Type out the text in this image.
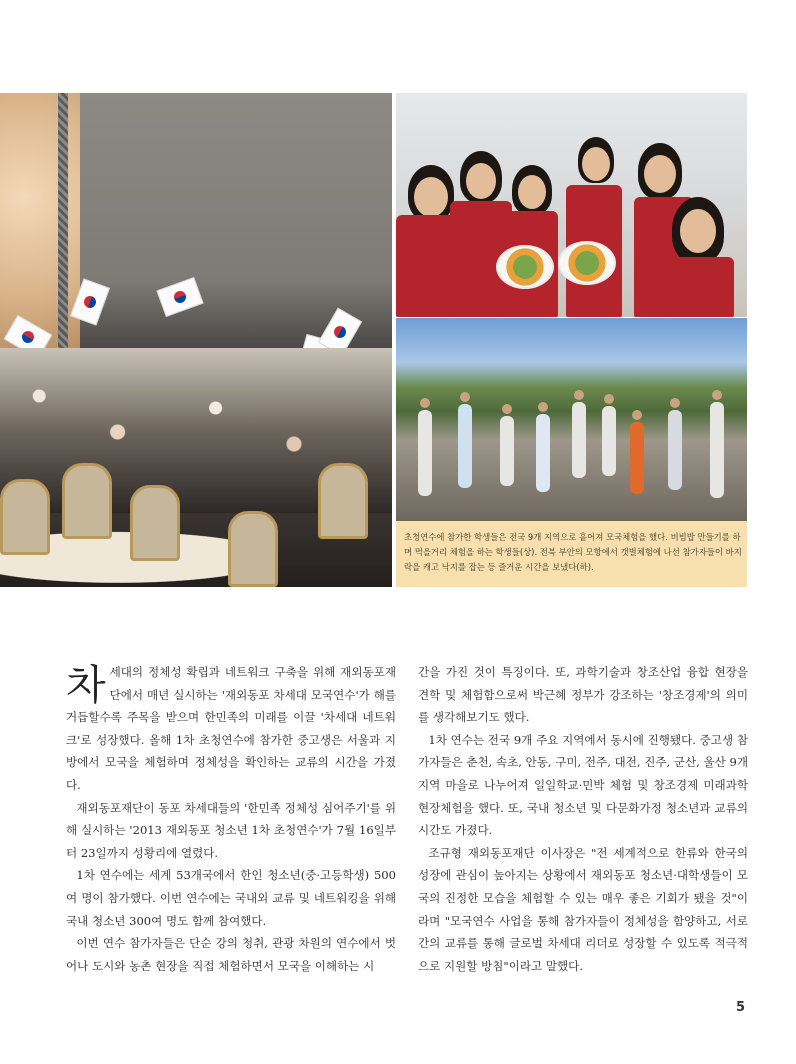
초청연수에 참가한 학생들은 전국 9개 지역으로 흩어져 모국체험을 했다. 비빔밥 만들기를 하며 먹을거리 체험을 하는 학생들(상). 전북 부안의 모항에서 갯벌체험에 나선 참가자들이 바지락을 캐고 낙지를 잡는 등 즐거운 시간을 보냈다(하).

차세대의 정체성 확립과 네트워크 구축을 위해 재외동포재단에서 매년 실시하는 '재외동포 차세대 모국연수'가 해를 거듭할수록 주목을 받으며 한민족의 미래를 이끌 '차세대 네트워크'로 성장했다. 올해 1차 초청연수에 참가한 중고생은 서울과 지방에서 모국을 체험하며 정체성을 확인하는 교류의 시간을 가졌다.

재외동포재단이 동포 차세대들의 '한민족 정체성 심어주기'를 위해 실시하는 '2013 재외동포 청소년 1차 초청연수'가 7월 16일부터 23일까지 성황리에 열렸다.

1차 연수에는 세계 53개국에서 한인 청소년(중·고등학생) 500여 명이 참가했다. 이번 연수에는 국내외 교류 및 네트워킹을 위해 국내 청소년 300여 명도 함께 참여했다.

이번 연수 참가자들은 단순 강의 청취, 관광 차원의 연수에서 벗어나 도시와 농촌 현장을 직접 체험하면서 모국을 이해하는 시

간을 가진 것이 특징이다. 또, 과학기술과 창조산업 융합 현장을 견학 및 체험함으로써 박근혜 정부가 강조하는 '창조경제'의 의미를 생각해보기도 했다.

1차 연수는 전국 9개 주요 지역에서 동시에 진행됐다. 중고생 참가자들은 춘천, 속초, 안동, 구미, 전주, 대전, 진주, 군산, 울산 9개 지역 마을로 나누어져 일일학교·민박 체험 및 창조경제 미래과학 현장체험을 했다. 또, 국내 청소년 및 다문화가정 청소년과 교류의 시간도 가졌다.

조규형 재외동포재단 이사장은 "전 세계적으로 한류와 한국의 성장에 관심이 높아지는 상황에서 재외동포 청소년·대학생들이 모국의 진정한 모습을 체험할 수 있는 매우 좋은 기회가 됐을 것"이라며 "모국연수 사업을 통해 참가자들이 정체성을 함양하고, 서로 간의 교류를 통해 글로벌 차세대 리더로 성장할 수 있도록 적극적으로 지원할 방침"이라고 말했다.

5
